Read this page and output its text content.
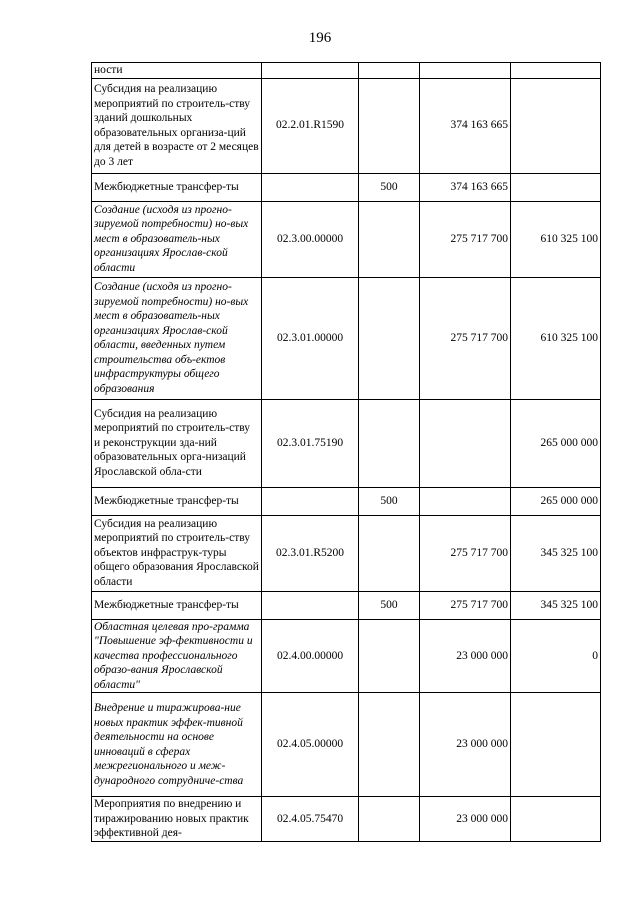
196
ности				
Субсидия на реализацию мероприятий по строитель-ству зданий дошкольных образовательных организа-ций для детей в возрасте от 2 месяцев до 3 лет	02.2.01.R1590		374 163 665	
Межбюджетные трансфер-ты		500	374 163 665	
Создание (исходя из прогно-зируемой потребности) но-вых мест в образователь-ных организациях Ярослав-ской области	02.3.00.00000		275 717 700	610 325 100
Создание (исходя из прогно-зируемой потребности) но-вых мест в образователь-ных организациях Ярослав-ской области, введенных путем строительства объ-ектов инфраструктуры общего образования	02.3.01.00000		275 717 700	610 325 100
Субсидия на реализацию мероприятий по строитель-ству и реконструкции зда-ний образовательных орга-низаций Ярославской обла-сти	02.3.01.75190			265 000 000
Межбюджетные трансфер-ты		500		265 000 000
Субсидия на реализацию мероприятий по строитель-ству объектов инфраструк-туры общего образования Ярославской области	02.3.01.R5200		275 717 700	345 325 100
Межбюджетные трансфер-ты		500	275 717 700	345 325 100
Областная целевая про-грамма "Повышение эф-фективности и качества профессионального образо-вания Ярославской области"	02.4.00.00000		23 000 000	0
Внедрение и тиражирова-ние новых практик эффек-тивной деятельности на основе инноваций в сферах межрегионального и меж-дународного сотрудниче-ства	02.4.05.00000		23 000 000	
Мероприятия по внедрению и тиражированию новых практик эффективной дея-	02.4.05.75470		23 000 000	
